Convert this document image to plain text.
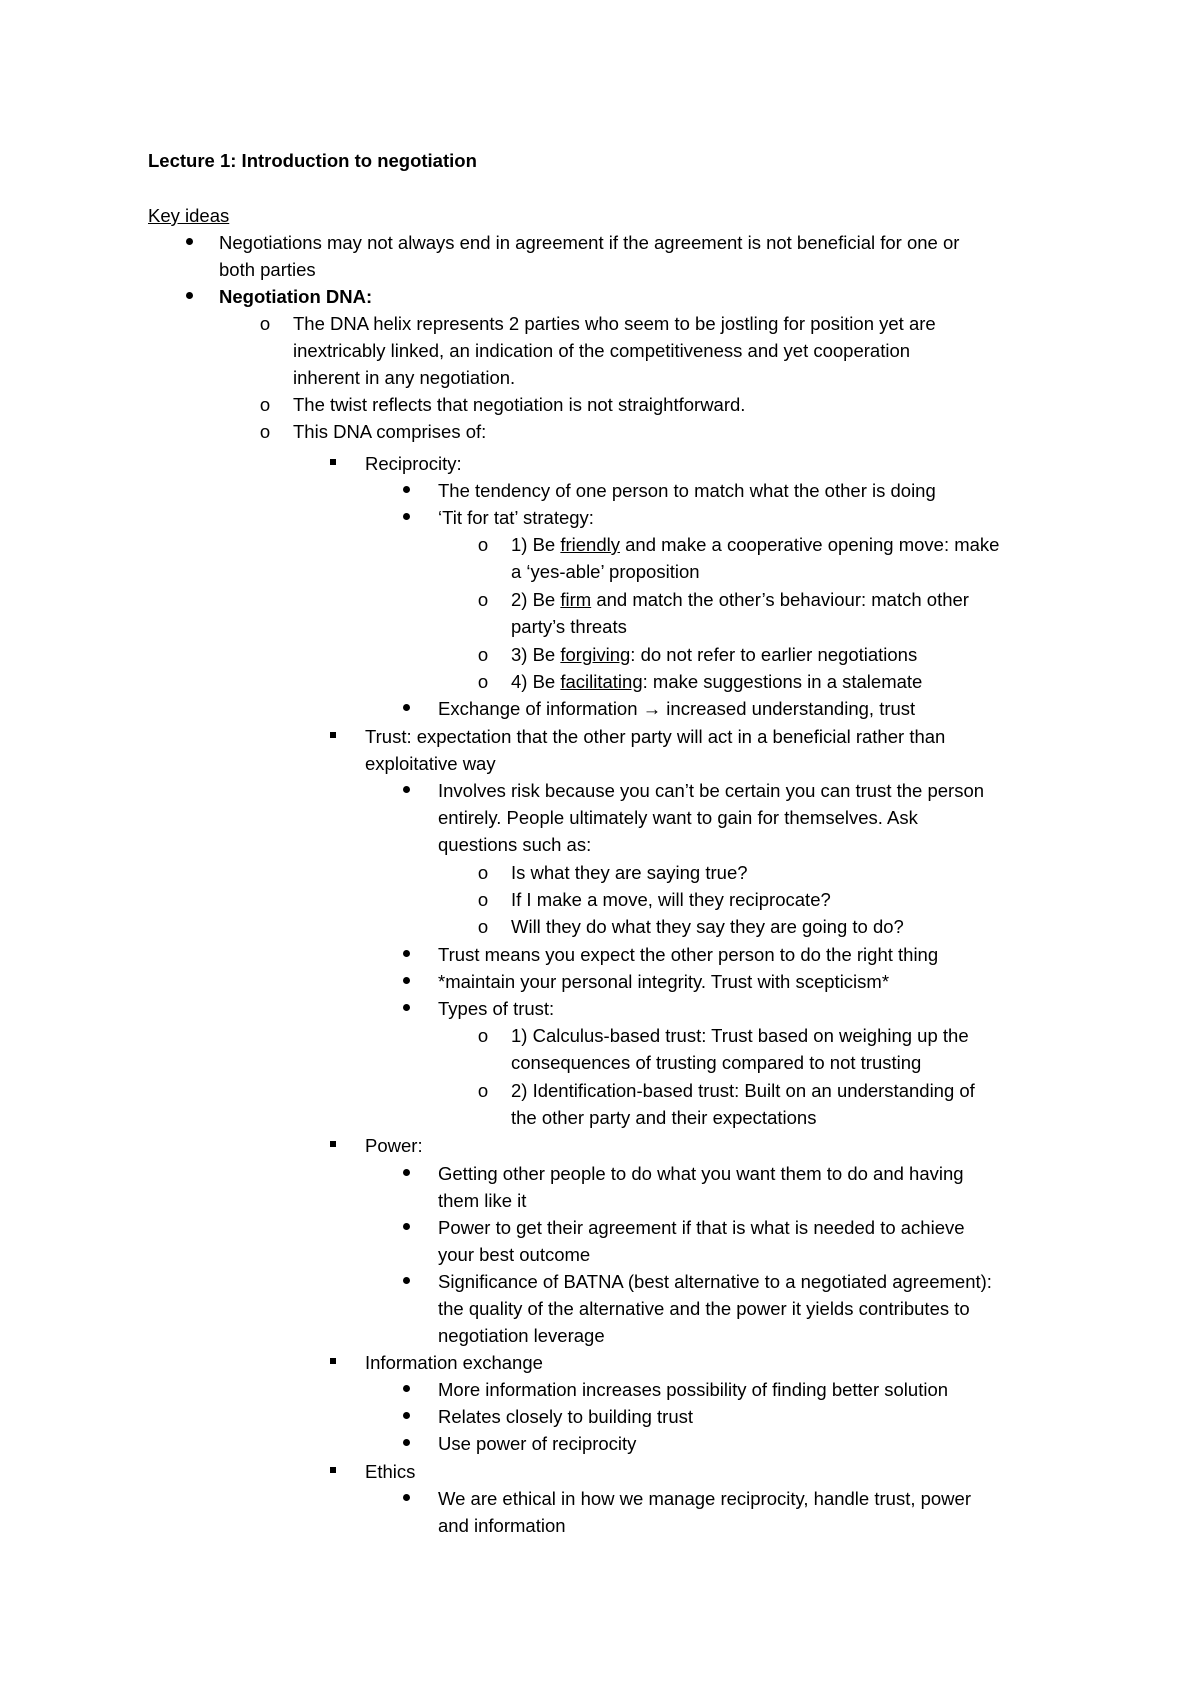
Lecture 1: Introduction to negotiation
Key ideas
Negotiations may not always end in agreement if the agreement is not beneficial for one or
both parties
Negotiation DNA:
o The DNA helix represents 2 parties who seem to be jostling for position yet are
inextricably linked, an indication of the competitiveness and yet cooperation
inherent in any negotiation.
o The twist reflects that negotiation is not straightforward.
o This DNA comprises of:
Reciprocity:
The tendency of one person to match what the other is doing
‘Tit for tat’ strategy:
o 1) Be friendly and make a cooperative opening move: make
a ‘yes-able’ proposition
o 2) Be firm and match the other’s behaviour: match other
party’s threats
o 3) Be forgiving: do not refer to earlier negotiations
o 4) Be facilitating: make suggestions in a stalemate
Exchange of information → increased understanding, trust
Trust: expectation that the other party will act in a beneficial rather than
exploitative way
Involves risk because you can’t be certain you can trust the person
entirely. People ultimately want to gain for themselves. Ask
questions such as:
o Is what they are saying true?
o If I make a move, will they reciprocate?
o Will they do what they say they are going to do?
Trust means you expect the other person to do the right thing
*maintain your personal integrity. Trust with scepticism*
Types of trust:
o 1) Calculus-based trust: Trust based on weighing up the
consequences of trusting compared to not trusting
o 2) Identification-based trust: Built on an understanding of
the other party and their expectations
Power:
Getting other people to do what you want them to do and having
them like it
Power to get their agreement if that is what is needed to achieve
your best outcome
Significance of BATNA (best alternative to a negotiated agreement):
the quality of the alternative and the power it yields contributes to
negotiation leverage
Information exchange
More information increases possibility of finding better solution
Relates closely to building trust
Use power of reciprocity
Ethics
We are ethical in how we manage reciprocity, handle trust, power
and information
